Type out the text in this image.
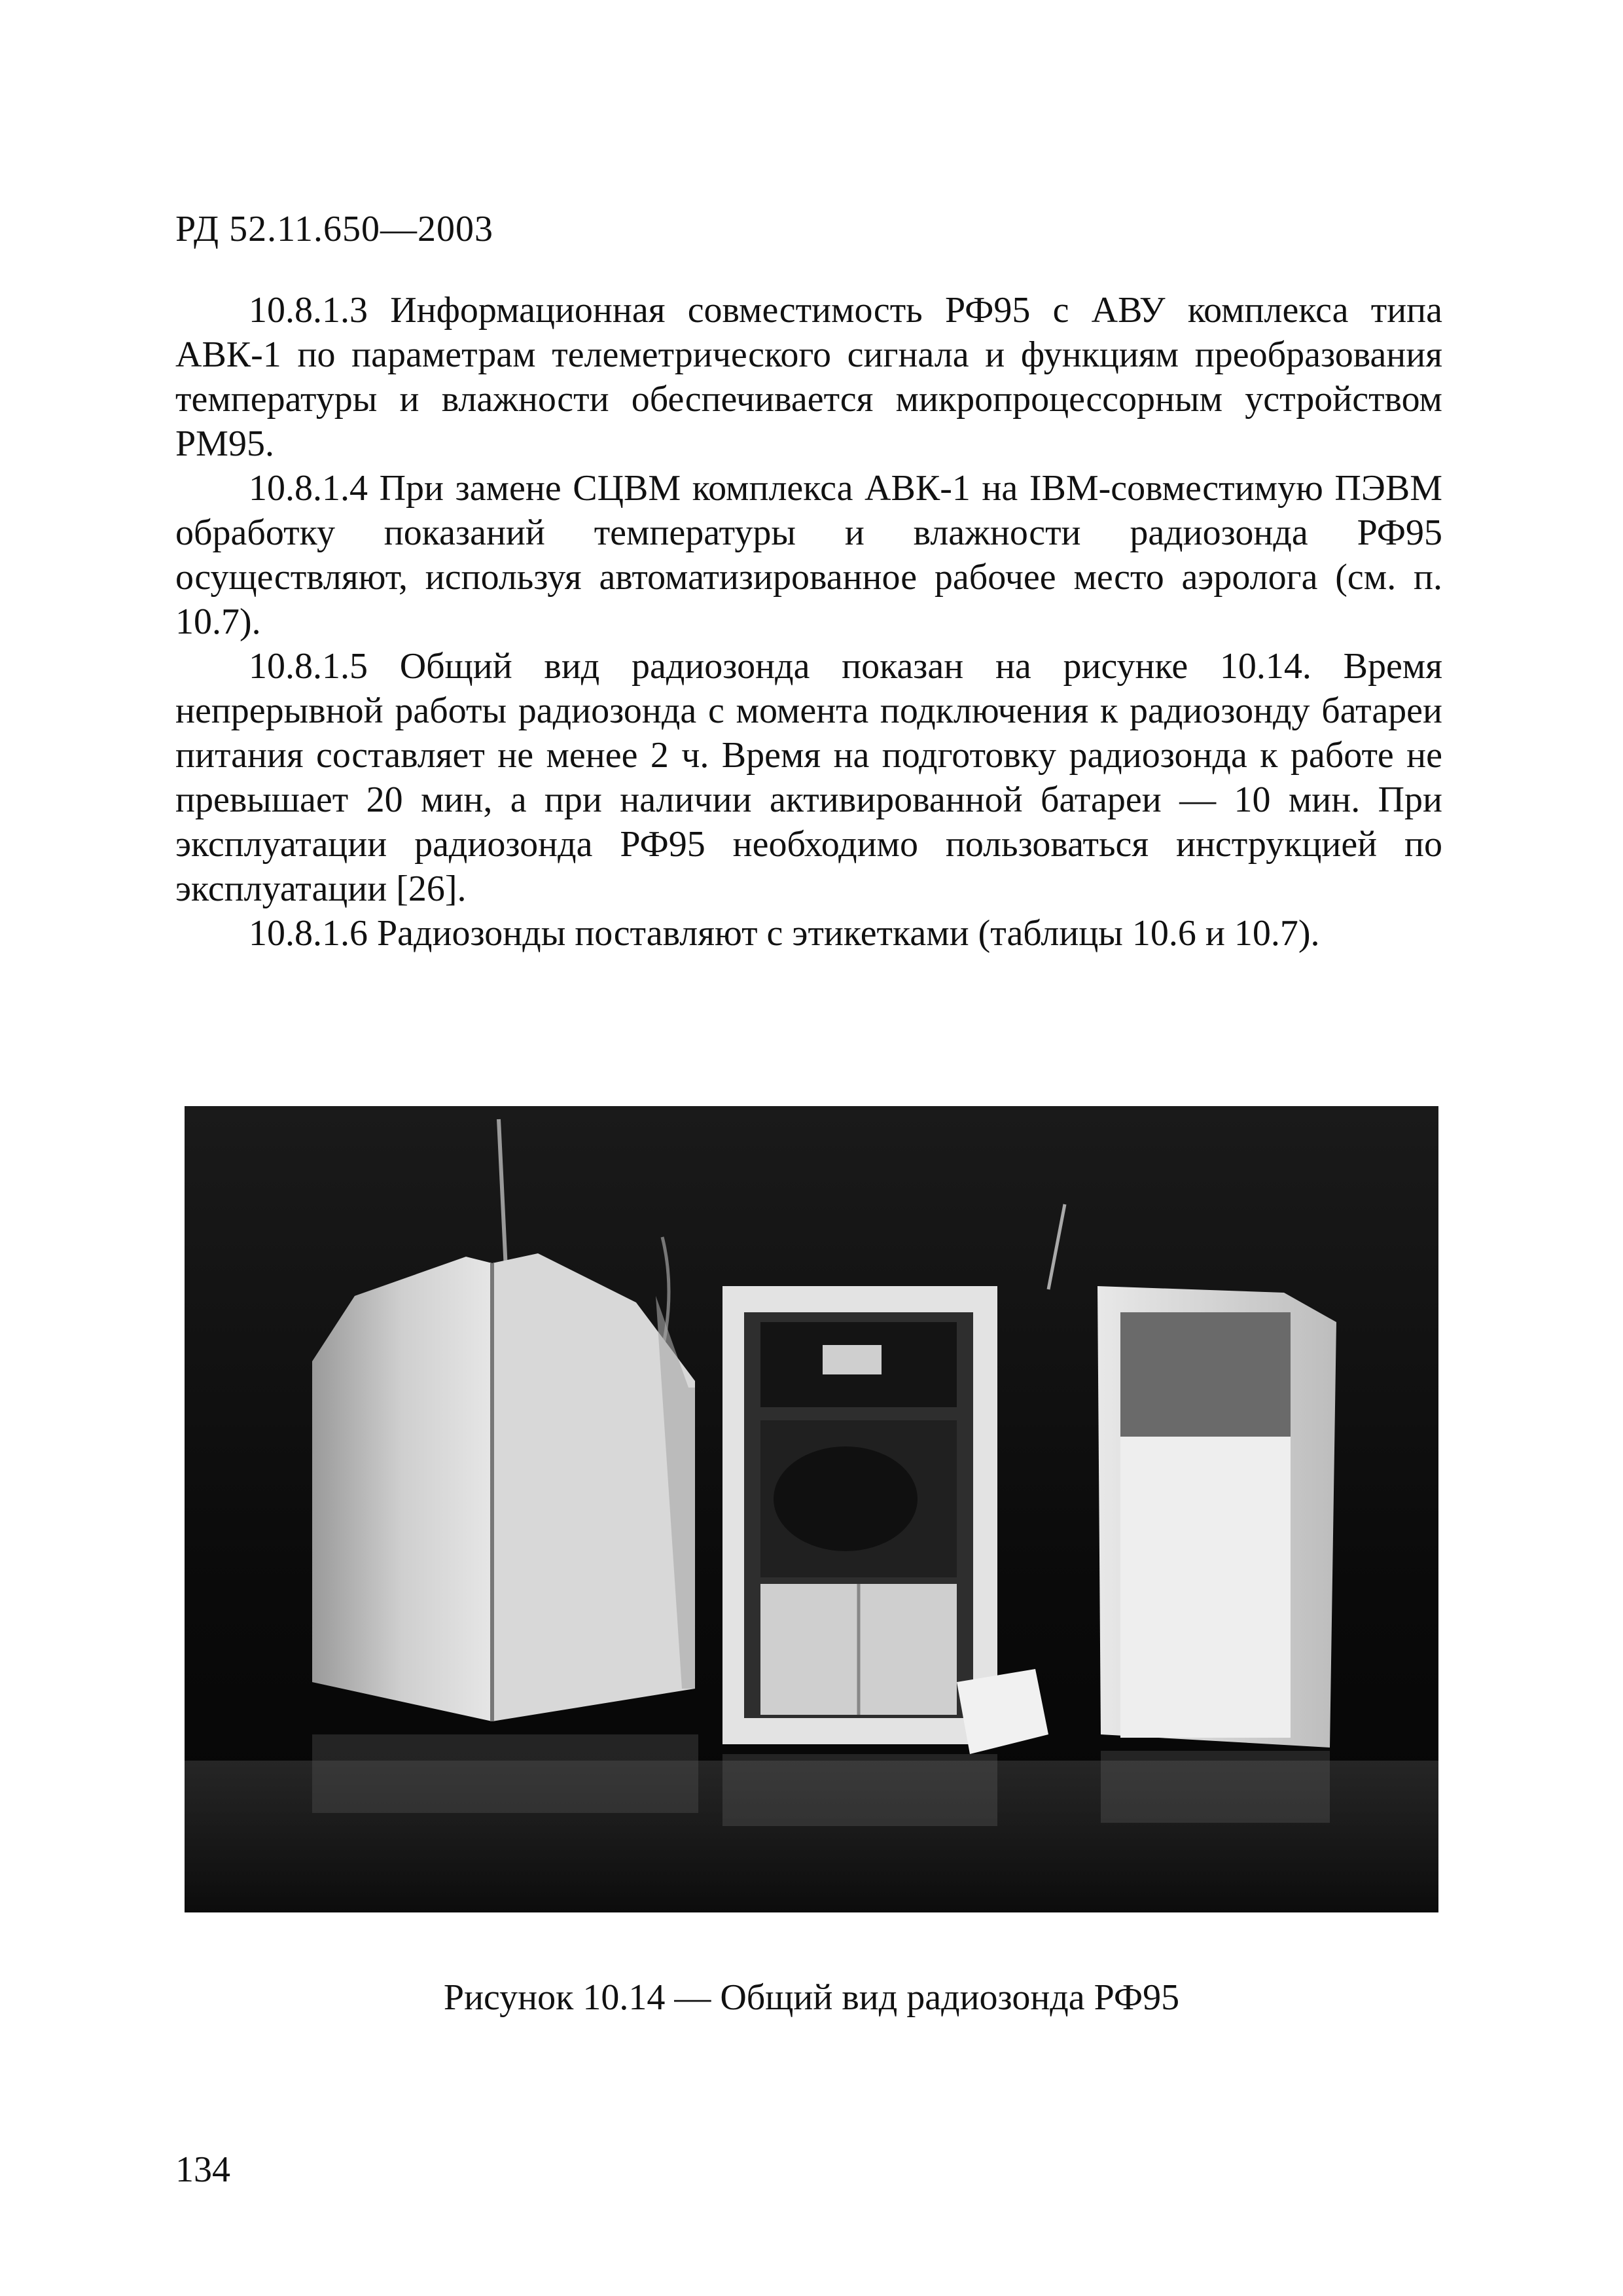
РД 52.11.650—2003

10.8.1.3 Информационная совместимость РФ95 с АВУ комплекса типа АВК-1 по параметрам телеметрического сигнала и функциям преобразования температуры и влажности обеспечивается микропроцессорным устройством РМ95.

10.8.1.4 При замене СЦВМ комплекса АВК-1 на IBM-совместимую ПЭВМ обработку показаний температуры и влажности радиозонда РФ95 осуществляют, используя автоматизированное рабочее место аэролога (см. п. 10.7).

10.8.1.5 Общий вид радиозонда показан на рисунке 10.14. Время непрерывной работы радиозонда с момента подключения к радиозонду батареи питания составляет не менее 2 ч. Время на подготовку радиозонда к работе не превышает 20 мин, а при наличии активированной батареи — 10 мин. При эксплуатации радиозонда РФ95 необходимо пользоваться инструкцией по эксплуатации [26].

10.8.1.6 Радиозонды поставляют с этикетками (таблицы 10.6 и 10.7).

Рисунок 10.14 — Общий вид радиозонда РФ95
134
